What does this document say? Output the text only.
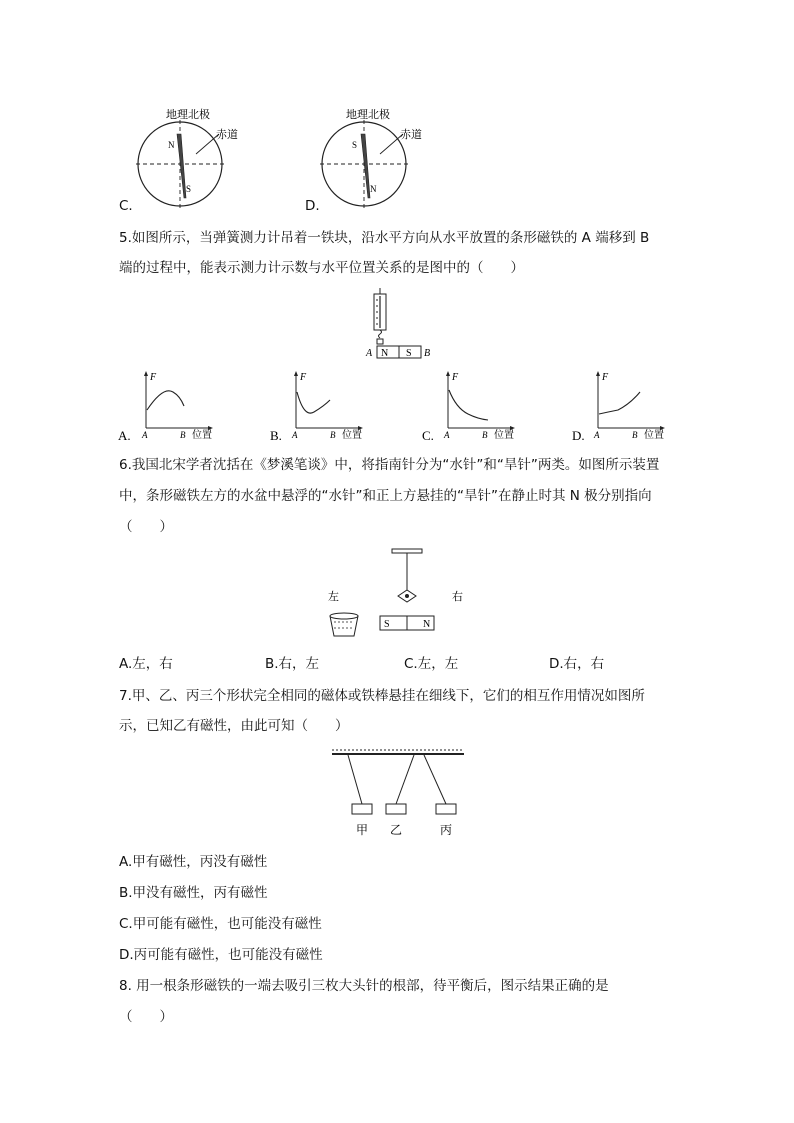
地理北极
赤道
N
S
C.
地理北极
赤道
S
N
D.
5.如图所示，当弹簧测力计吊着一铁块，沿水平方向从水平放置的条形磁铁的 A 端移到 B
端的过程中，能表示测力计示数与水平位置关系的是图中的（　　）
A N S B
F
A	B 位置
A.
F
A	B 位置
B.
F
A	B 位置
C.
F
A	B 位置
D.
6.我国北宋学者沈括在《梦溪笔谈》中，将指南针分为“水针”和“旱针”两类。如图所示装置
中，条形磁铁左方的水盆中悬浮的“水针”和正上方悬挂的“旱针”在静止时其 N 极分别指向
（　　）
左	右
S	N
A.左，右	B.右，左	C.左，左	D.右，右
7.甲、乙、丙三个形状完全相同的磁体或铁棒悬挂在细线下，它们的相互作用情况如图所
示，已知乙有磁性，由此可知（　　）
甲 乙	丙
A.甲有磁性，丙没有磁性
B.甲没有磁性，丙有磁性
C.甲可能有磁性，也可能没有磁性
D.丙可能有磁性，也可能没有磁性
8. 用一根条形磁铁的一端去吸引三枚大头针的根部，待平衡后，图示结果正确的是
（　　）
